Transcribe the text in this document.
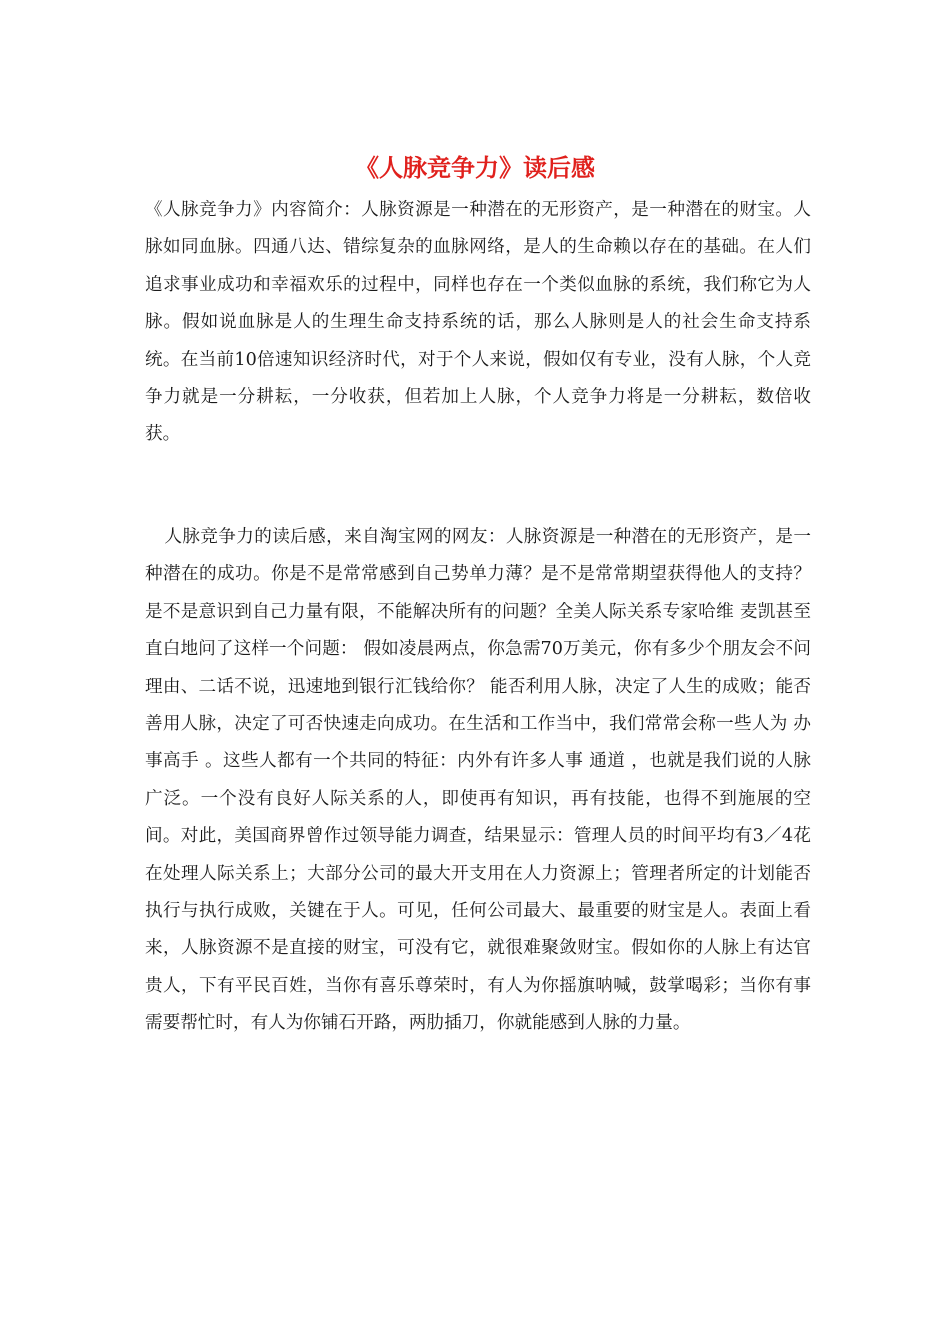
《人脉竞争力》读后感

《人脉竞争力》内容简介：人脉资源是一种潜在的无形资产，是一种潜在的财宝。人脉如同血脉。四通八达、错综复杂的血脉网络，是人的生命赖以存在的基础。在人们追求事业成功和幸福欢乐的过程中，同样也存在一个类似血脉的系统，我们称它为人脉。假如说血脉是人的生理生命支持系统的话，那么人脉则是人的社会生命支持系统。在当前10倍速知识经济时代，对于个人来说，假如仅有专业，没有人脉，个人竞争力就是一分耕耘，一分收获，但若加上人脉，个人竞争力将是一分耕耘，数倍收获。

人脉竞争力的读后感，来自淘宝网的网友：人脉资源是一种潜在的无形资产，是一种潜在的成功。你是不是常常感到自己势单力薄？是不是常常期望获得他人的支持？是不是意识到自己力量有限，不能解决所有的问题？全美人际关系专家哈维 麦凯甚至直白地问了这样一个问题： 假如凌晨两点，你急需70万美元，你有多少个朋友会不问理由、二话不说，迅速地到银行汇钱给你？ 能否利用人脉，决定了人生的成败；能否善用人脉，决定了可否快速走向成功。在生活和工作当中，我们常常会称一些人为 办事高手 。这些人都有一个共同的特征：内外有许多人事 通道 ，也就是我们说的人脉广泛。一个没有良好人际关系的人，即使再有知识，再有技能，也得不到施展的空间。对此，美国商界曾作过领导能力调查，结果显示：管理人员的时间平均有3／4花在处理人际关系上；大部分公司的最大开支用在人力资源上；管理者所定的计划能否执行与执行成败，关键在于人。可见，任何公司最大、最重要的财宝是人。表面上看来，人脉资源不是直接的财宝，可没有它，就很难聚敛财宝。假如你的人脉上有达官贵人，下有平民百姓，当你有喜乐尊荣时，有人为你摇旗呐喊，鼓掌喝彩；当你有事需要帮忙时，有人为你铺石开路，两肋插刀，你就能感到人脉的力量。
